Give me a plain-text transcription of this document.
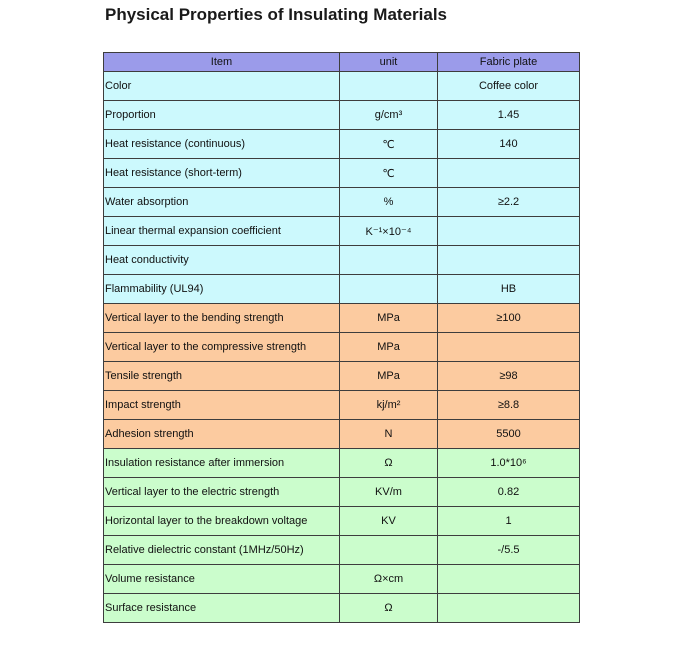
Physical Properties of Insulating Materials
Item	unit	Fabric plate
Color		Coffee color
Proportion	g/cm³	1.45
Heat resistance (continuous)	℃	140
Heat resistance (short-term)	℃	
Water absorption	%	≥2.2
Linear thermal expansion coefficient	K⁻¹×10⁻⁴	
Heat conductivity		
Flammability (UL94)		HB
Vertical layer to the bending strength	MPa	≥100
Vertical layer to the compressive strength	MPa	
Tensile strength	MPa	≥98
Impact strength	kj/m²	≥8.8
Adhesion strength	N	5500
Insulation resistance after immersion	Ω	1.0*10⁶
Vertical layer to the electric strength	KV/m	0.82
Horizontal layer to the breakdown voltage	KV	1
Relative dielectric constant (1MHz/50Hz)		-/5.5
Volume resistance	Ω×cm	
Surface resistance	Ω	
